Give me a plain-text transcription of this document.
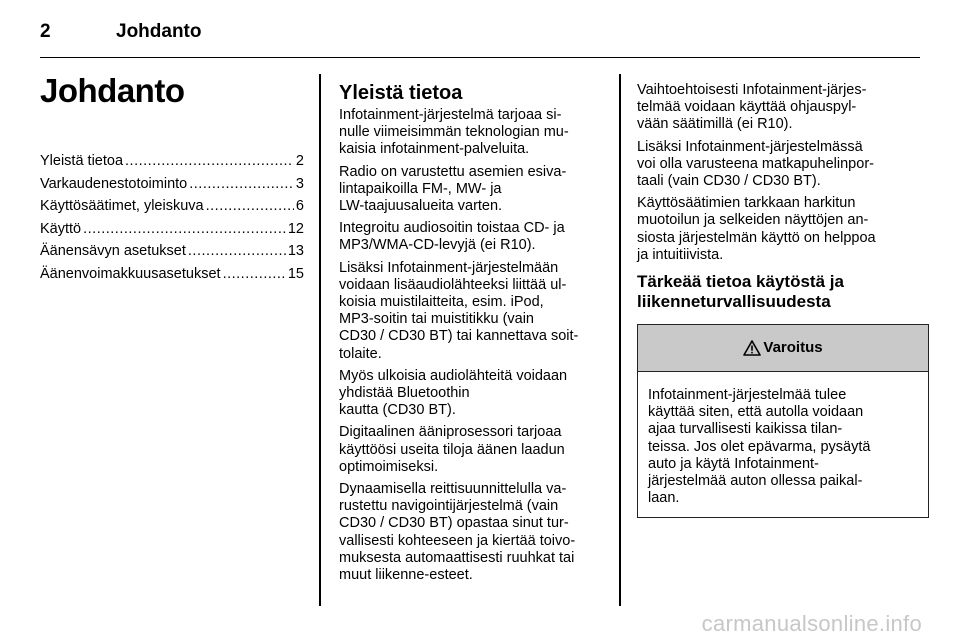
2	Johdanto
Johdanto
Yleistä tietoa .....	2
Varkaudenestotoiminto .....	3
Käyttösäätimet, yleiskuva .....	6
Käyttö .....	12
Äänensävyn asetukset .....	13
Äänenvoimakkuusasetukset .....	15
Yleistä tietoa

Infotainment-järjestelmä tarjoaa si-
nulle viimeisimmän teknologian mu-
kaisia infotainment-palveluita.

Radio on varustettu asemien esiva-
lintapaikoilla FM-, MW- ja
LW-taajuusalueita varten.

Integroitu audiosoitin toistaa CD- ja
MP3/WMA-CD-levyjä (ei R10).

Lisäksi Infotainment-järjestelmään
voidaan lisäaudiolähteeksi liittää ul-
koisia muistilaitteita, esim. iPod,
MP3-soitin tai muistitikku (vain
CD30 / CD30 BT) tai kannettava soit-
tolaite.

Myös ulkoisia audiolähteitä voidaan
yhdistää Bluetoothin
kautta (CD30 BT).

Digitaalinen ääniprosessori tarjoaa
käyttöösi useita tiloja äänen laadun
optimoimiseksi.

Dynaamisella reittisuunnittelulla va-
rustettu navigointijärjestelmä (vain
CD30 / CD30 BT) opastaa sinut tur-
vallisesti kohteeseen ja kiertää toivo-
muksesta automaattisesti ruuhkat tai
muut liikenne-esteet.

Vaihtoehtoisesti Infotainment-järjes-
telmää voidaan käyttää ohjauspyl-
vään säätimillä (ei R10).

Lisäksi Infotainment-järjestelmässä
voi olla varusteena matkapuhelinpor-
taali (vain CD30 / CD30 BT).

Käyttösäätimien tarkkaan harkitun
muotoilun ja selkeiden näyttöjen an-
siosta järjestelmän käyttö on helppoa
ja intuitiivista.

Tärkeää tietoa käytöstä ja
liikenneturvallisuudesta
Varoitus
Infotainment-järjestelmää tulee
käyttää siten, että autolla voidaan
ajaa turvallisesti kaikissa tilan-
teissa. Jos olet epävarma, pysäytä
auto ja käytä Infotainment-
järjestelmää auton ollessa paikal-
laan.
carmanualsonline.info
